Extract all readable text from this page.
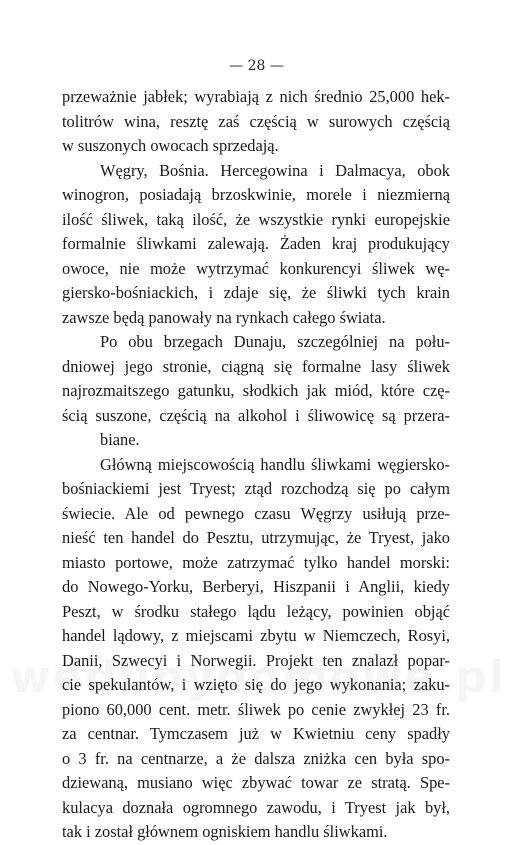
— 28 —

przeważnie jabłek; wyrabiają z nich średnio 25,000 hek-
tolitrów wina, resztę zaś częścią w surowych częścią
w suszonych owocach sprzedają.
Węgry, Bośnia. Hercegowina i Dalmacya, obok
winogron, posiadają brzoskwinie, morele i niezmierną
ilość śliwek, taką ilość, że wszystkie rynki europejskie
formalnie śliwkami zalewają. Żaden kraj produkujący
owoce, nie może wytrzymać konkurencyi śliwek wę-
giersko-bośniackich, i zdaje się, że śliwki tych krain
zawsze będą panowały na rynkach całego świata.
Po obu brzegach Dunaju, szczególniej na połu-
dniowej jego stronie, ciągną się formalne lasy śliwek
najrozmaitszego gatunku, słodkich jak miód, które czę-
ścią suszone, częścią na alkohol i śliwowicę są przera-
biane.
Główną miejscowością handlu śliwkami węgiersko-
bośniackiemi jest Tryest; ztąd rozchodzą się po całym
świecie. Ale od pewnego czasu Węgrzy usiłują prze-
nieść ten handel do Pesztu, utrzymując, że Tryest, jako
miasto portowe, może zatrzymać tylko handel morski:
do Nowego-Yorku, Berberyi, Hiszpanii i Anglii, kiedy
Peszt, w środku stałego lądu leżący, powinien objąć
handel lądowy, z miejscami zbytu w Niemczech, Rosyi,
Danii, Szwecyi i Norwegii. Projekt ten znalazł popar-
cie spekulantów, i wzięto się do jego wykonania; zaku-
piono 60,000 cent. metr. śliwek po cenie zwykłej 23 fr.
za centnar. Tymczasem już w Kwietniu ceny spadły
o 3 fr. na centnarze, a że dalsza zniżka cen była spo-
dziewaną, musiano więc zbywać towar ze stratą. Spe-
kulacya doznała ogromnego zawodu, i Tryest jak był,
tak i został głównem ogniskiem handlu śliwkami.
